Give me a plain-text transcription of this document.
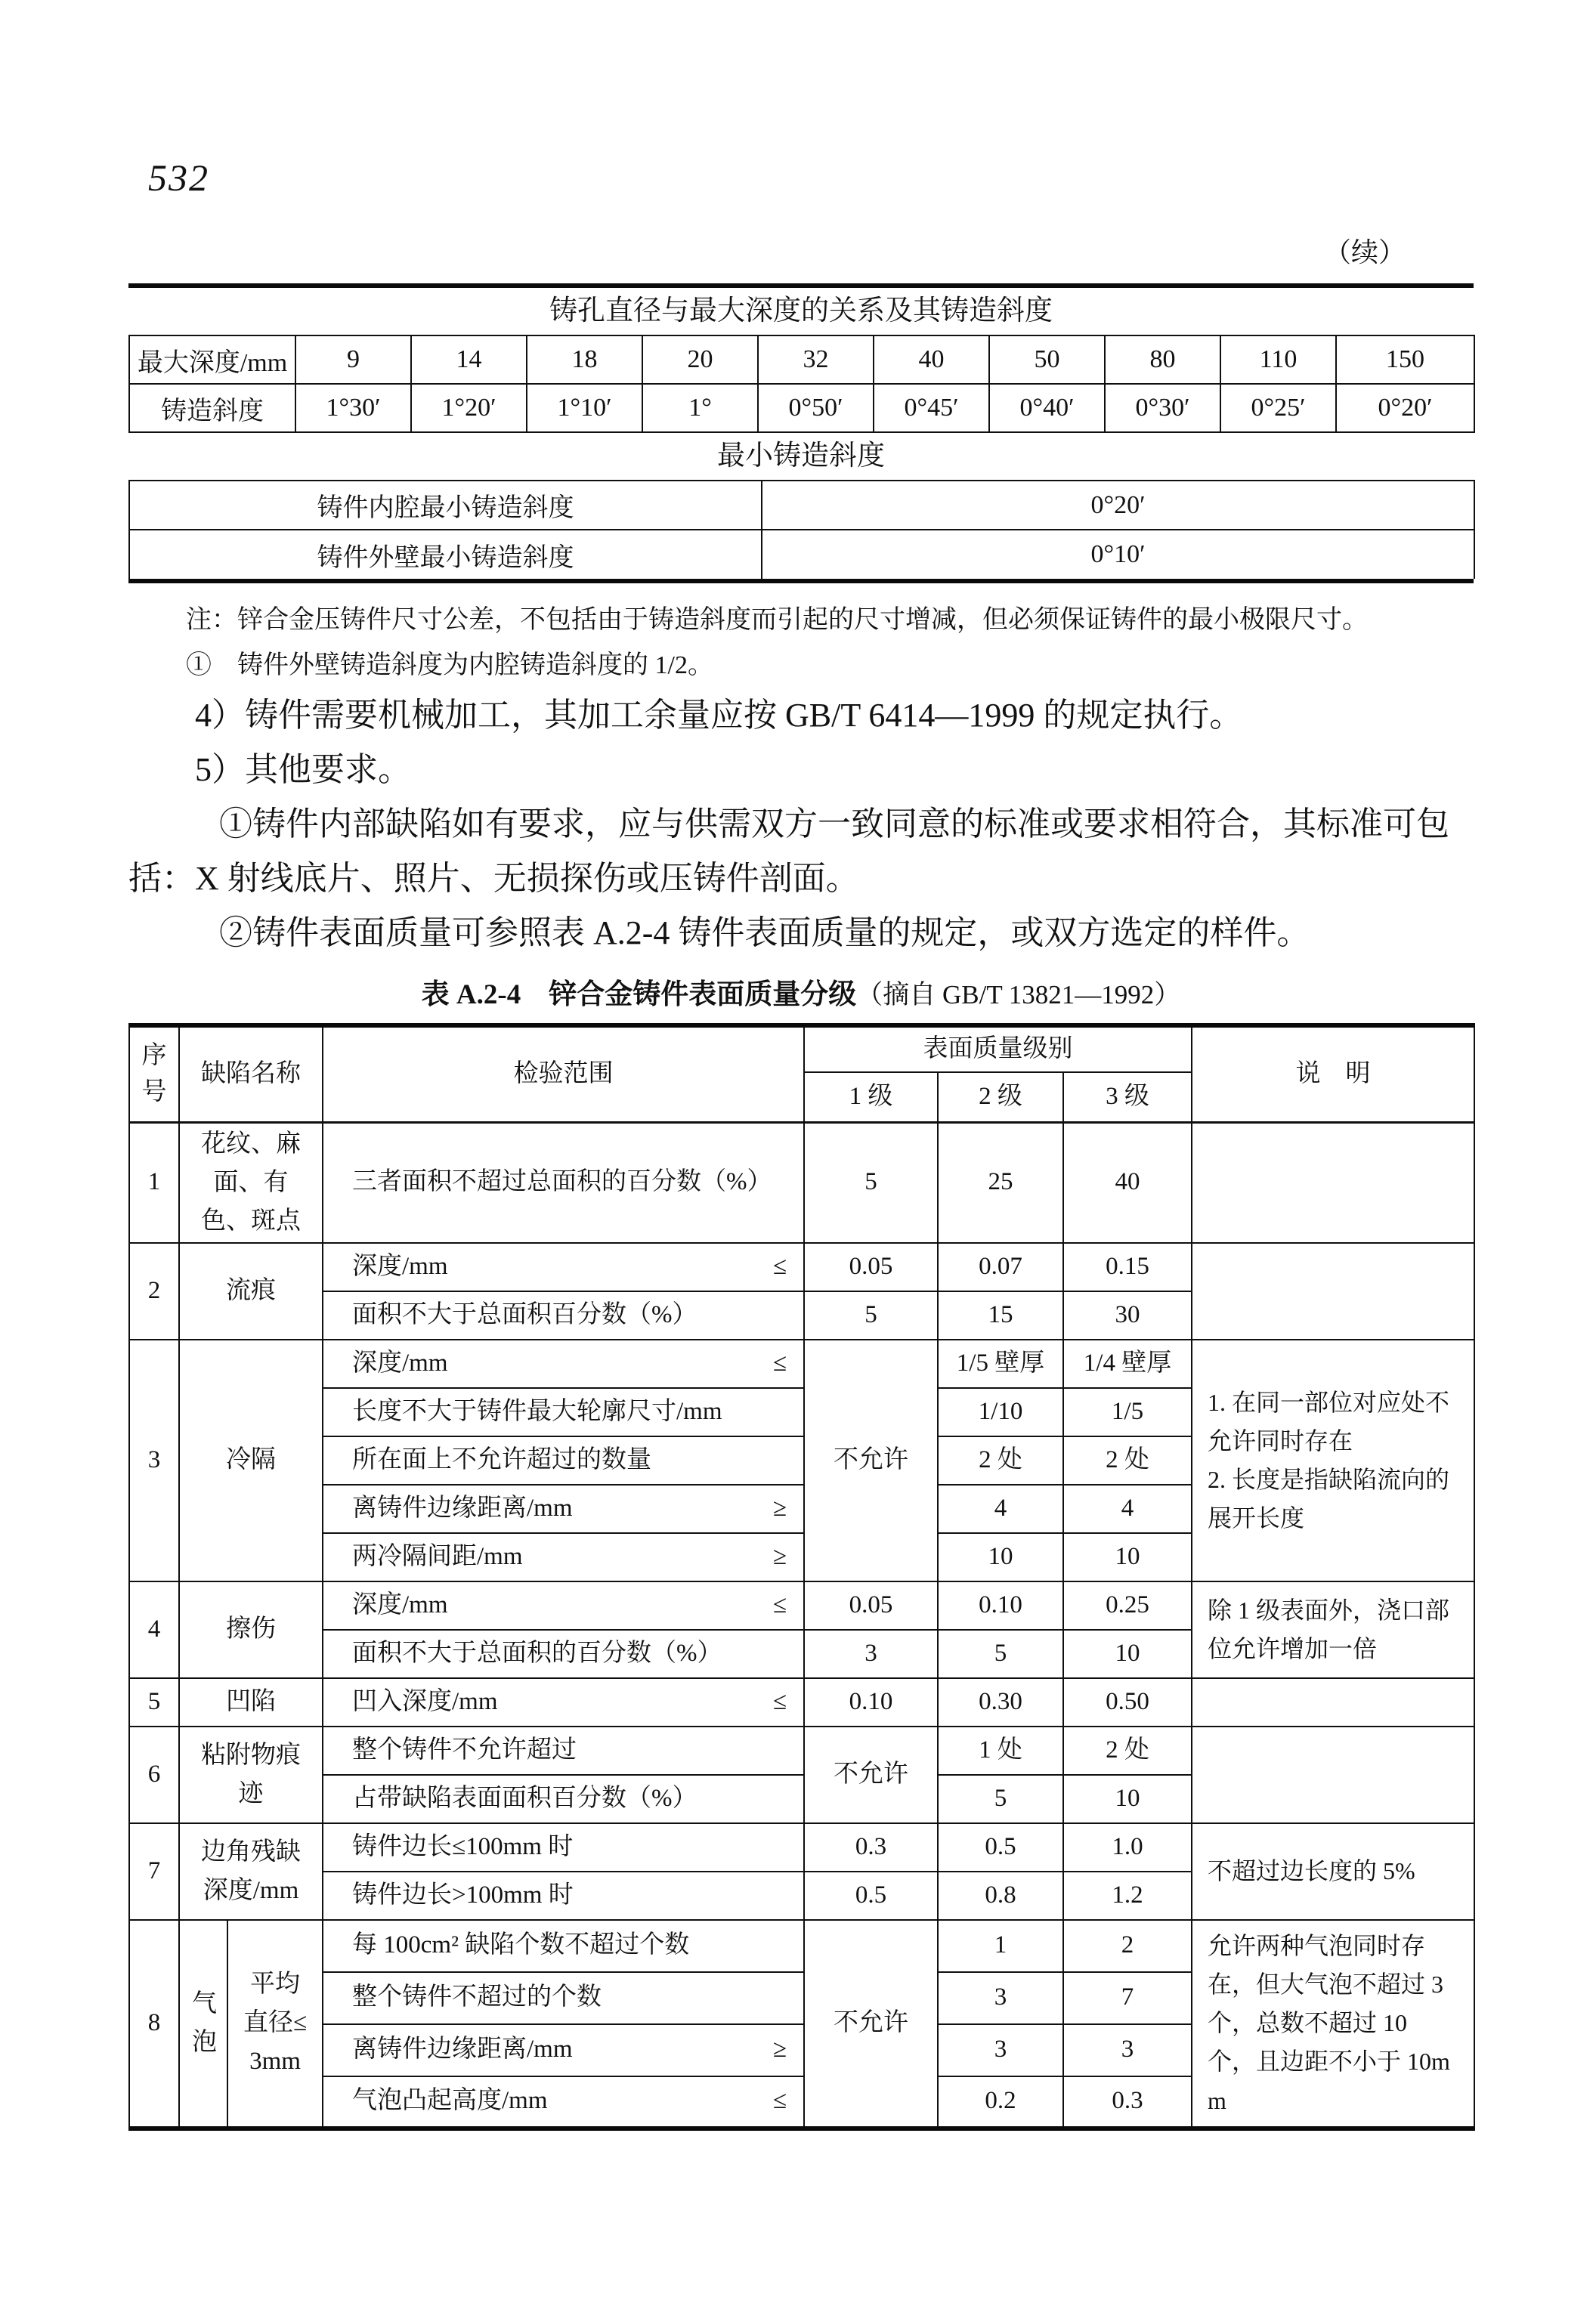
532
（续）
铸孔直径与最大深度的关系及其铸造斜度
最大深度/mm	9	14	18	20	32	40	50	80	110	150
铸造斜度	1°30′	1°20′	1°10′	1°	0°50′	0°45′	0°40′	0°30′	0°25′	0°20′
最小铸造斜度
铸件内腔最小铸造斜度	0°20′
铸件外壁最小铸造斜度	0°10′
注：锌合金压铸件尺寸公差，不包括由于铸造斜度而引起的尺寸增减，但必须保证铸件的最小极限尺寸。
①　铸件外壁铸造斜度为内腔铸造斜度的 1/2。
4）铸件需要机械加工，其加工余量应按 GB/T 6414—1999 的规定执行。
5）其他要求。
①铸件内部缺陷如有要求，应与供需双方一致同意的标准或要求相符合，其标准可包
括：X 射线底片、照片、无损探伤或压铸件剖面。
②铸件表面质量可参照表 A.2-4 铸件表面质量的规定，或双方选定的样件。
表 A.2-4　锌合金铸件表面质量分级（摘自 GB/T 13821—1992）
序号	缺陷名称		检验范围	表面质量级别			说　明
				1 级	2 级	3 级	
1	花纹、麻面、有色、斑点		三者面积不超过总面积的百分数（%）	5	25	40	
2	流痕		深度/mm ≤	0.05	0.07	0.15	

			面积不大于总面积百分数（%）	5	15	30	
3	冷隔		深度/mm ≤	不允许	1/5 壁厚	1/4 壁厚	1. 在同一部位对应处不允许同时存在
2. 长度是指缺陷流向的展开长度

			长度不大于铸件最大轮廓尺寸/mm		1/10	1/5	

			所在面上不允许超过的数量		2 处	2 处	

			离铸件边缘距离/mm ≥		4	4	

			两冷隔间距/mm ≥		10	10	
4	擦伤		深度/mm ≤	0.05	0.10	0.25	除 1 级表面外，浇口部位允许增加一倍

			面积不大于总面积的百分数（%）	3	5	10	
5	凹陷		凹入深度/mm ≤	0.10	0.30	0.50	
6	粘附物痕迹		整个铸件不允许超过	不允许	1 处	2 处	

			占带缺陷表面面积百分数（%）		5	10	
7	边角残缺深度/mm		铸件边长≤100mm 时	0.3	0.5	1.0	不超过边长度的 5%

			铸件边长>100mm 时	0.5	0.8	1.2	
8	气泡	平均直径≤3mm	每 100cm² 缺陷个数不超过个数	不允许	1	2	允许两种气泡同时存在，但大气泡不超过 3 个，总数不超过 10 个，且边距不小于 10mm

			整个铸件不超过的个数		3	7	

			离铸件边缘距离/mm ≥		3	3	

			气泡凸起高度/mm ≤		0.2	0.3	
